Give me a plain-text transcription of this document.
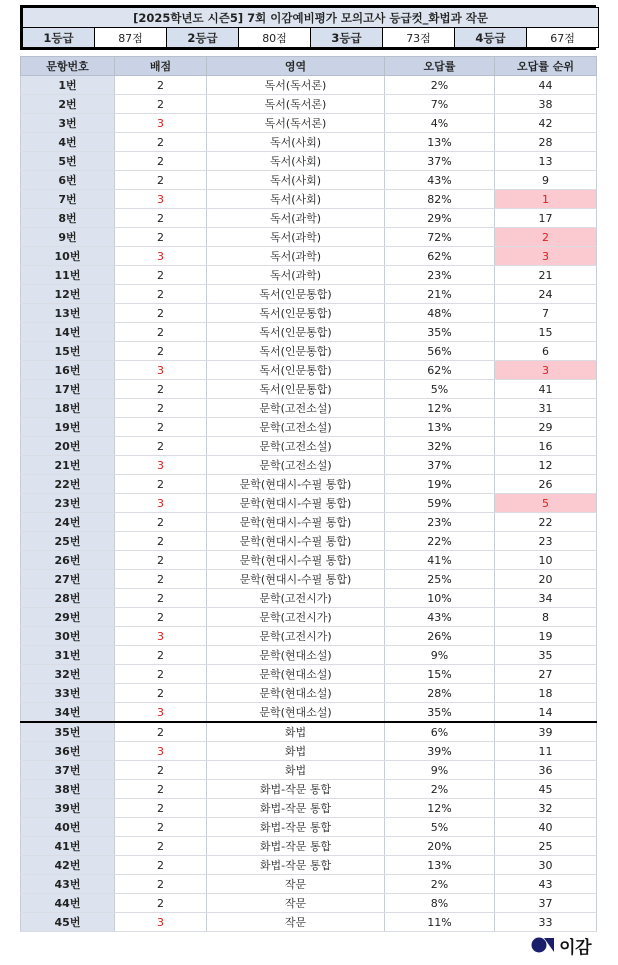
[2025학년도 시즌5] 7회 이감예비평가 모의고사 등급컷_화법과 작문
1등급	87점	2등급	80점	3등급	73점	4등급	67점
문항번호	배점	영역	오답률	오답률 순위
1번	2	독서(독서론)	2%	44
2번	2	독서(독서론)	7%	38
3번	3	독서(독서론)	4%	42
4번	2	독서(사회)	13%	28
5번	2	독서(사회)	37%	13
6번	2	독서(사회)	43%	9
7번	3	독서(사회)	82%	1
8번	2	독서(과학)	29%	17
9번	2	독서(과학)	72%	2
10번	3	독서(과학)	62%	3
11번	2	독서(과학)	23%	21
12번	2	독서(인문통합)	21%	24
13번	2	독서(인문통합)	48%	7
14번	2	독서(인문통합)	35%	15
15번	2	독서(인문통합)	56%	6
16번	3	독서(인문통합)	62%	3
17번	2	독서(인문통합)	5%	41
18번	2	문학(고전소설)	12%	31
19번	2	문학(고전소설)	13%	29
20번	2	문학(고전소설)	32%	16
21번	3	문학(고전소설)	37%	12
22번	2	문학(현대시-수필 통합)	19%	26
23번	3	문학(현대시-수필 통합)	59%	5
24번	2	문학(현대시-수필 통합)	23%	22
25번	2	문학(현대시-수필 통합)	22%	23
26번	2	문학(현대시-수필 통합)	41%	10
27번	2	문학(현대시-수필 통합)	25%	20
28번	2	문학(고전시가)	10%	34
29번	2	문학(고전시가)	43%	8
30번	3	문학(고전시가)	26%	19
31번	2	문학(현대소설)	9%	35
32번	2	문학(현대소설)	15%	27
33번	2	문학(현대소설)	28%	18
34번	3	문학(현대소설)	35%	14
35번	2	화법	6%	39
36번	3	화법	39%	11
37번	2	화법	9%	36
38번	2	화법-작문 통합	2%	45
39번	2	화법-작문 통합	12%	32
40번	2	화법-작문 통합	5%	40
41번	2	화법-작문 통합	20%	25
42번	2	화법-작문 통합	13%	30
43번	2	작문	2%	43
44번	2	작문	8%	37
45번	3	작문	11%	33
이감
